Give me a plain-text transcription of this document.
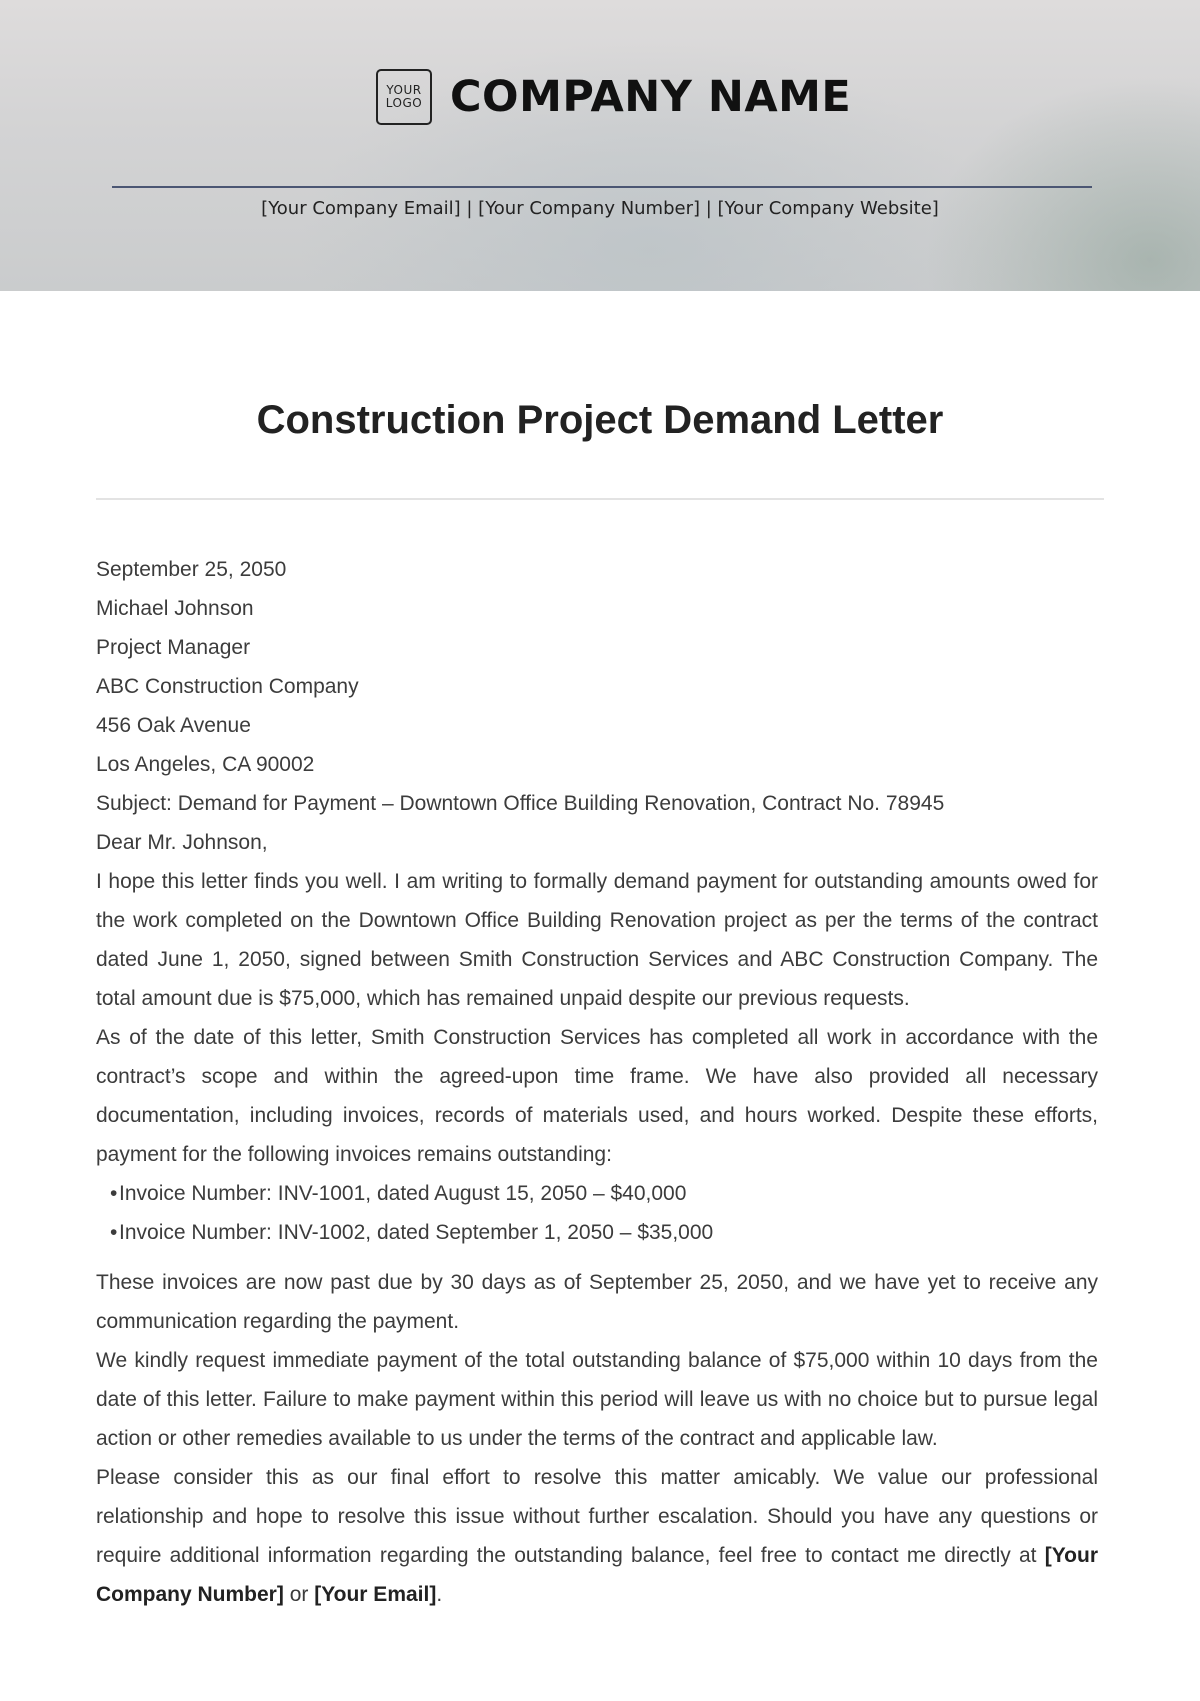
YOUR
LOGO COMPANY NAME
[Your Company Email] | [Your Company Number] | [Your Company Website]
Construction Project Demand Letter

September 25, 2050

Michael Johnson

Project Manager

ABC Construction Company

456 Oak Avenue

Los Angeles, CA 90002

Subject: Demand for Payment – Downtown Office Building Renovation, Contract No. 78945

Dear Mr. Johnson,

I hope this letter finds you well. I am writing to formally demand payment for outstanding amounts owed for the work completed on the Downtown Office Building Renovation project as per the terms of the contract dated June 1, 2050, signed between Smith Construction Services and ABC Construction Company. The total amount due is $75,000, which has remained unpaid despite our previous requests.

As of the date of this letter, Smith Construction Services has completed all work in accordance with the contract’s scope and within the agreed-upon time frame. We have also provided all necessary documentation, including invoices, records of materials used, and hours worked. Despite these efforts, payment for the following invoices remains outstanding:

•Invoice Number: INV-1001, dated August 15, 2050 – $40,000
•Invoice Number: INV-1002, dated September 1, 2050 – $35,000

These invoices are now past due by 30 days as of September 25, 2050, and we have yet to receive any communication regarding the payment.

We kindly request immediate payment of the total outstanding balance of $75,000 within 10 days from the date of this letter. Failure to make payment within this period will leave us with no choice but to pursue legal action or other remedies available to us under the terms of the contract and applicable law.

Please consider this as our final effort to resolve this matter amicably. We value our professional relationship and hope to resolve this issue without further escalation. Should you have any questions or require additional information regarding the outstanding balance, feel free to contact me directly at [Your Company Number] or [Your Email].
